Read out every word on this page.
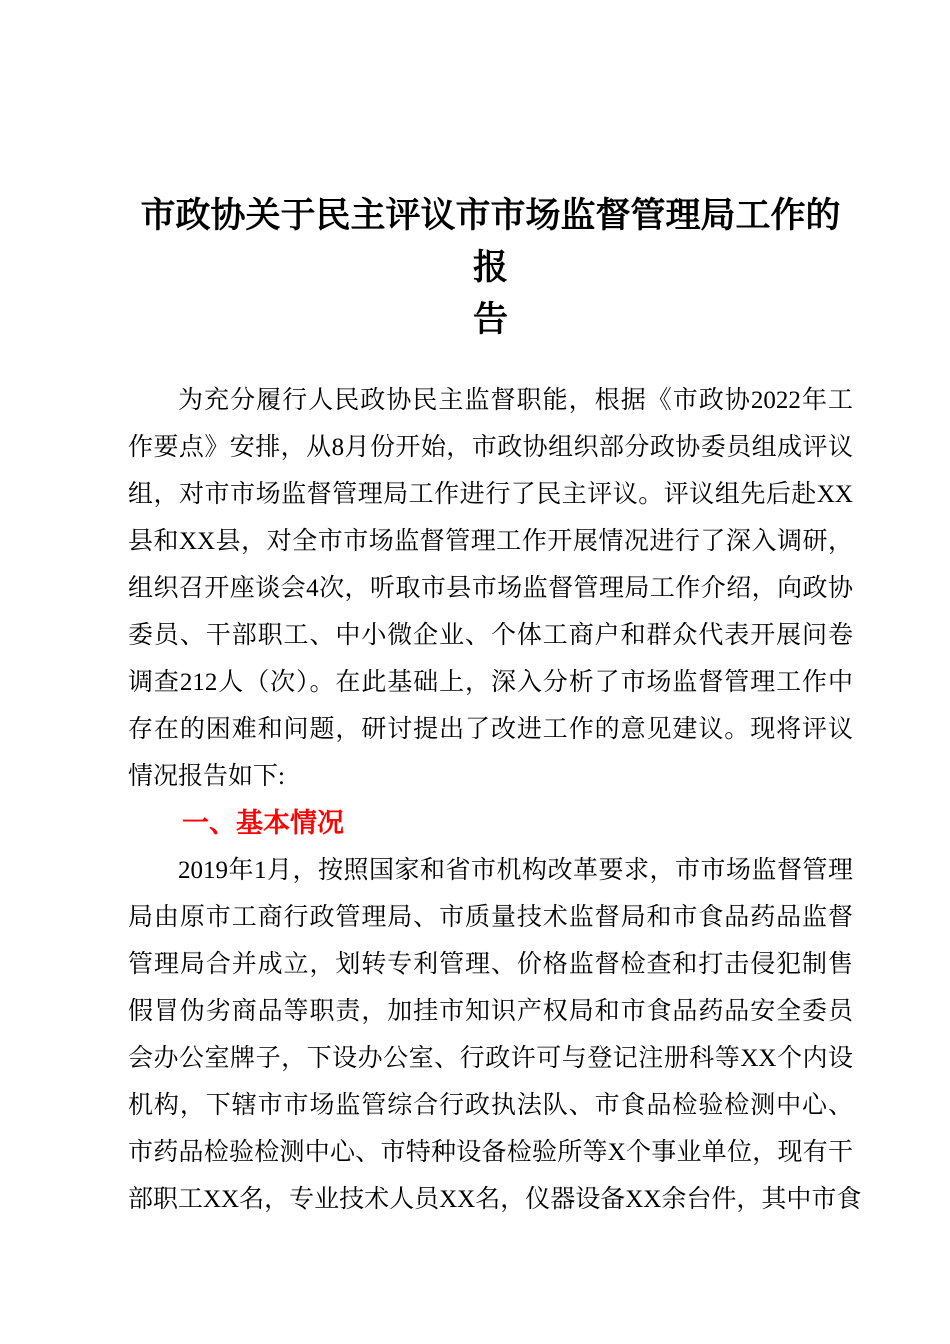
市政协关于民主评议市市场监督管理局工作的报
告
为充分履行人民政协民主监督职能，根据《市政协2022年工
作要点》安排，从8月份开始，市政协组织部分政协委员组成评议
组，对市市场监督管理局工作进行了民主评议。评议组先后赴XX
县和XX县，对全市市场监督管理工作开展情况进行了深入调研，
组织召开座谈会4次，听取市县市场监督管理局工作介绍，向政协
委员、干部职工、中小微企业、个体工商户和群众代表开展问卷
调查212人（次）。在此基础上，深入分析了市场监督管理工作中
存在的困难和问题，研讨提出了改进工作的意见建议。现将评议
情况报告如下:
一、基本情况
2019年1月，按照国家和省市机构改革要求，市市场监督管理
局由原市工商行政管理局、市质量技术监督局和市食品药品监督
管理局合并成立，划转专利管理、价格监督检查和打击侵犯制售
假冒伪劣商品等职责，加挂市知识产权局和市食品药品安全委员
会办公室牌子，下设办公室、行政许可与登记注册科等XX个内设
机构，下辖市市场监管综合行政执法队、市食品检验检测中心、
市药品检验检测中心、市特种设备检验所等X个事业单位，现有干
部职工XX名，专业技术人员XX名，仪器设备XX余台件，其中市食
